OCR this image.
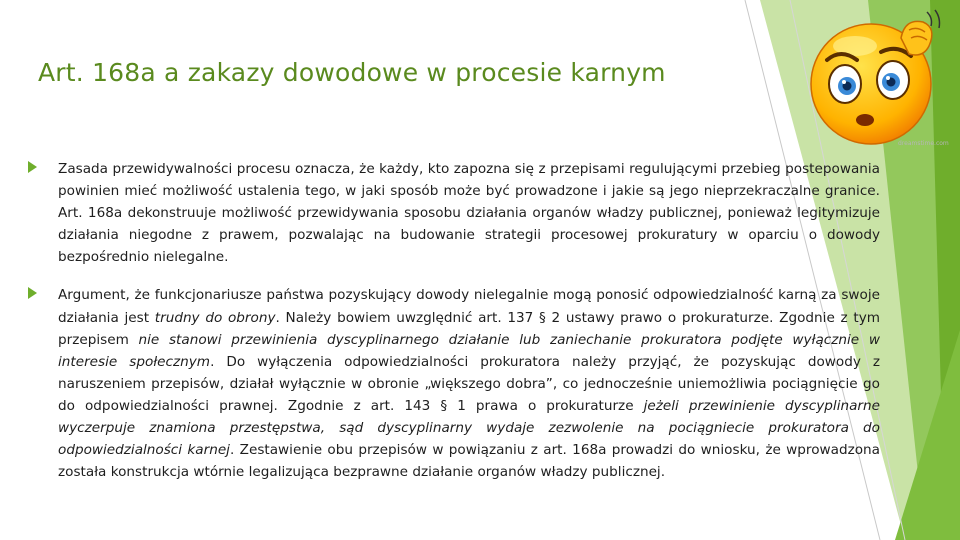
Art. 168a a zakazy dowodowe w procesie karnym
dreamstime.com

Zasada przewidywalności procesu oznacza, że każdy, kto zapozna się z przepisami regulującymi przebieg postepowania powinien mieć możliwość ustalenia tego, w jaki sposób może być prowadzone i jakie są jego nieprzekraczalne granice. Art. 168a dekonstruuje możliwość przewidywania sposobu działania organów władzy publicznej, ponieważ legitymizuje działania niegodne z prawem, pozwalając na budowanie strategii procesowej prokuratury w oparciu o dowody bezpośrednio nielegalne.

Argument, że funkcjonariusze państwa pozyskujący dowody nielegalnie mogą ponosić odpowiedzialność karną za swoje działania jest trudny do obrony. Należy bowiem uwzględnić art. 137 § 2 ustawy prawo o prokuraturze. Zgodnie z tym przepisem nie stanowi przewinienia dyscyplinarnego działanie lub zaniechanie prokuratora podjęte wyłącznie w interesie społecznym. Do wyłączenia odpowiedzialności prokuratora należy przyjąć, że pozyskując dowody z naruszeniem przepisów, działał wyłącznie w obronie „większego dobra”, co jednocześnie uniemożliwia pociągnięcie go do odpowiedzialności prawnej. Zgodnie z art. 143 § 1 prawa o prokuraturze jeżeli przewinienie dyscyplinarne wyczerpuje znamiona przestępstwa, sąd dyscyplinarny wydaje zezwolenie na pociągniecie prokuratora do odpowiedzialności karnej. Zestawienie obu przepisów w powiązaniu z art. 168a prowadzi do wniosku, że wprowadzona została konstrukcja wtórnie legalizująca bezprawne działanie organów władzy publicznej.
